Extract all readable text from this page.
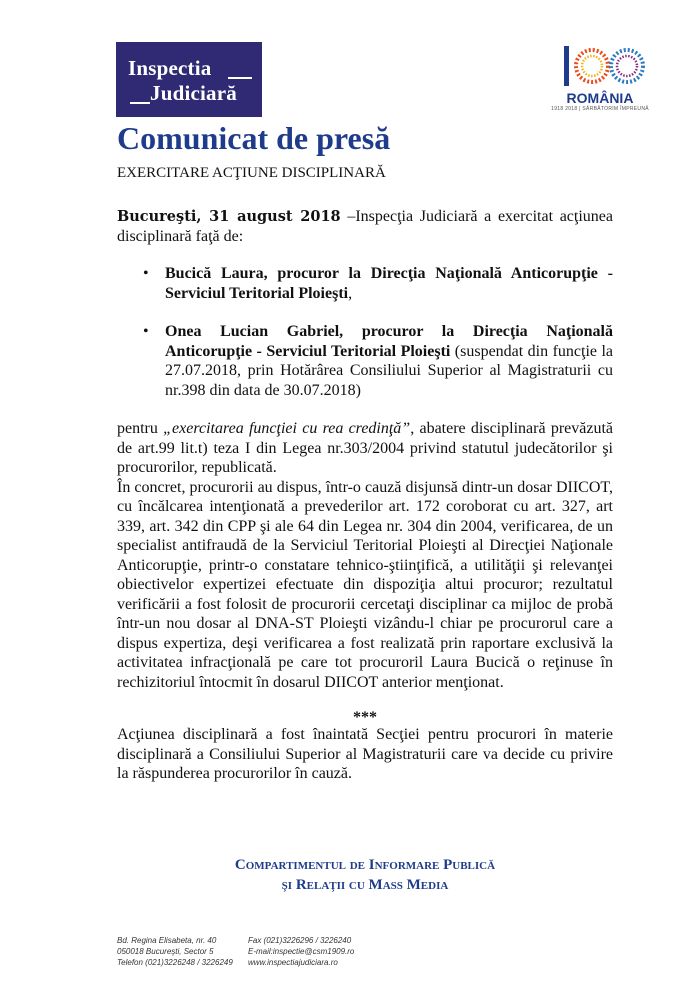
Inspectia
Judiciară	ROMÂNIA
1918 2018 | SĂRBĂTORIM ÎMPREUNĂ
Comunicat de presă
EXERCITARE ACŢIUNE DISCIPLINARĂ

Bucureşti, 31 august 2018 –Inspecţia Judiciară a exercitat acţiunea disciplinară faţă de:

• Bucică Laura, procuror la Direcţia Naţională Anticorupţie - Serviciul Teritorial Ploieşti,
• Onea Lucian Gabriel, procuror la Direcţia Naţională Anticorupţie - Serviciul Teritorial Ploieşti (suspendat din funcţie la 27.07.2018, prin Hotărârea Consiliului Superior al Magistraturii cu nr.398 din data de 30.07.2018)

pentru „exercitarea funcţiei cu rea credinţă”, abatere disciplinară prevăzută de art.99 lit.t) teza I din Legea nr.303/2004 privind statutul judecătorilor şi procurorilor, republicată.

În concret, procurorii au dispus, într-o cauză disjunsă dintr-un dosar DIICOT, cu încălcarea intenţionată a prevederilor art. 172 coroborat cu art. 327, art 339, art. 342 din CPP şi ale 64 din Legea nr. 304 din 2004, verificarea, de un specialist antifraudă de la Serviciul Teritorial Ploieşti al Direcţiei Naţionale Anticorupţie, printr-o constatare tehnico-ştiinţifică, a utilităţii şi relevanţei obiectivelor expertizei efectuate din dispoziţia altui procuror; rezultatul verificării a fost folosit de procurorii cercetaţi disciplinar ca mijloc de probă într-un nou dosar al DNA-ST Ploieşti vizându-l chiar pe procurorul care a dispus expertiza, deşi verificarea a fost realizată prin raportare exclusivă la activitatea infracţională pe care tot procuroril Laura Bucică o reţinuse în rechizitoriul întocmit în dosarul DIICOT anterior menţionat.

***

Acţiunea disciplinară a fost înaintată Secţiei pentru procurori în materie disciplinară a Consiliului Superior al Magistraturii care va decide cu privire la răspunderea procurorilor în cauză.

Compartimentul de Informare Publică
şi Relaţii cu Mass Media
Bd. Regina Elisabeta, nr. 40
050018 Bucureşti, Sector 5
Telefon (021)3226248 / 3226249
Fax (021)3226296 / 3226240
E-mail:inspectie@csm1909.ro
www.inspectiajudiciara.ro
